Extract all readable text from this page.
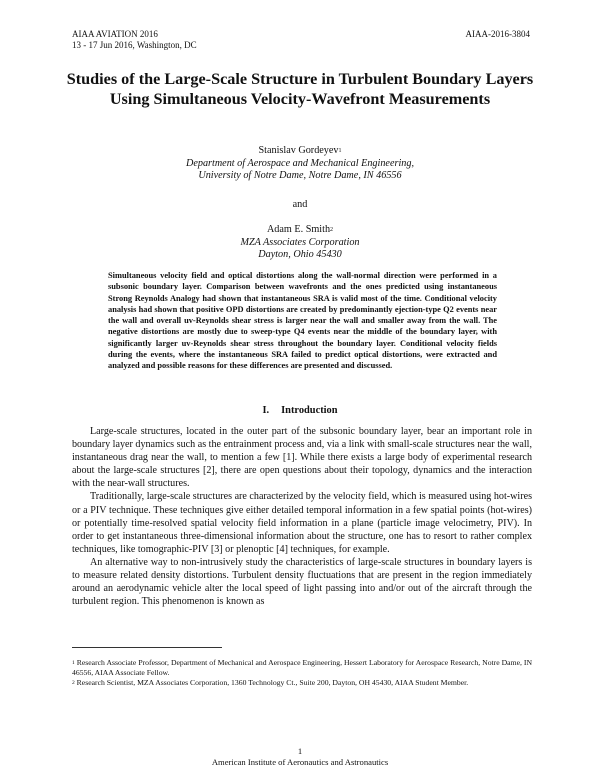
AIAA AVIATION 2016
13 - 17 Jun 2016, Washington, DC
AIAA-2016-3804
Studies of the Large-Scale Structure in Turbulent Boundary Layers Using Simultaneous Velocity-Wavefront Measurements
Stanislav Gordeyev$^1$
Department of Aerospace and Mechanical Engineering,
University of Notre Dame, Notre Dame, IN 46556
and
Adam E. Smith$^2$
MZA Associates Corporation
Dayton, Ohio 45430
Simultaneous velocity field and optical distortions along the wall-normal direction were performed in a subsonic boundary layer. Comparison between wavefronts and the ones predicted using instantaneous Strong Reynolds Analogy had shown that instantaneous SRA is valid most of the time. Conditional velocity analysis had shown that positive OPD distortions are created by predominantly ejection-type Q2 events near the wall and overall uv-Reynolds shear stress is larger near the wall and smaller away from the wall. The negative distortions are mostly due to sweep-type Q4 events near the middle of the boundary layer, with significantly larger uv-Reynolds shear stress throughout the boundary layer. Conditional velocity fields during the events, where the instantaneous SRA failed to predict optical distortions, were extracted and analyzed and possible reasons for these differences are presented and discussed.
I. Introduction

Large-scale structures, located in the outer part of the subsonic boundary layer, bear an important role in boundary layer dynamics such as the entrainment process and, via a link with small-scale structures near the wall, instantaneous drag near the wall, to mention a few [1]. While there exists a large body of experimental research about the large-scale structures [2], there are open questions about their topology, dynamics and the interaction with the near-wall structures.

Traditionally, large-scale structures are characterized by the velocity field, which is measured using hot-wires or a PIV technique. These techniques give either detailed temporal information in a few spatial points (hot-wires) or potentially time-resolved spatial velocity field information in a plane (particle image velocimetry, PIV). In order to get instantaneous three-dimensional information about the structure, one has to resort to rather complex techniques, like tomographic-PIV [3] or plenoptic [4] techniques, for example.

An alternative way to non-intrusively study the characteristics of large-scale structures in boundary layers is to measure related density distortions. Turbulent density fluctuations that are present in the region immediately around an aerodynamic vehicle alter the local speed of light passing into and/or out of the aircraft through the turbulent region. This phenomenon is known as

$^1$ Research Associate Professor, Department of Mechanical and Aerospace Engineering, Hessert Laboratory for Aerospace Research, Notre Dame, IN 46556, AIAA Associate Fellow.

$^2$ Research Scientist, MZA Associates Corporation, 1360 Technology Ct., Suite 200, Dayton, OH 45430, AIAA Student Member.

1
American Institute of Aeronautics and Astronautics
